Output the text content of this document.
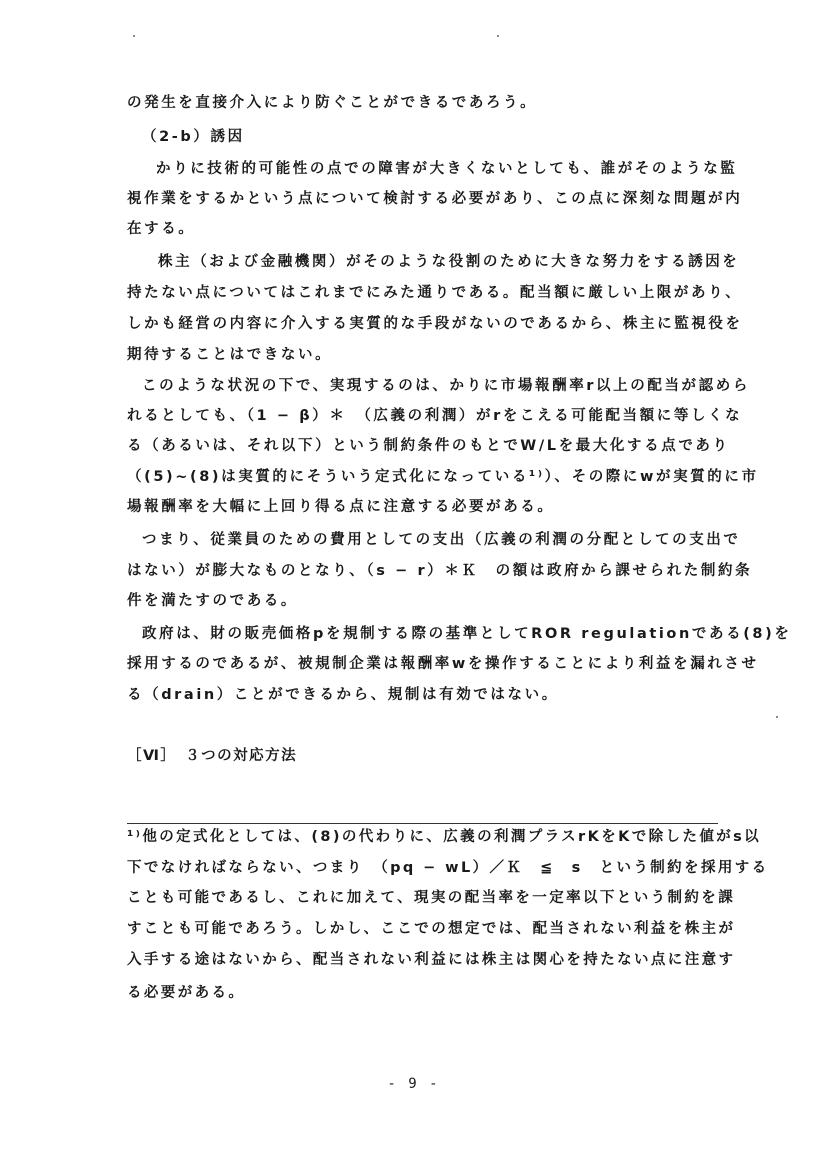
の発生を直接介入により防ぐことができるであろう。
（2-b）誘因
かりに技術的可能性の点での障害が大きくないとしても、誰がそのような監
視作業をするかという点について検討する必要があり、この点に深刻な問題が内
在する。
株主（および金融機関）がそのような役割のために大きな努力をする誘因を
持たない点についてはこれまでにみた通りである。配当額に厳しい上限があり、
しかも経営の内容に介入する実質的な手段がないのであるから、株主に監視役を
期待することはできない。
このような状況の下で、実現するのは、かりに市場報酬率r以上の配当が認めら
れるとしても、（1 − β）＊　（広義の利潤）がrをこえる可能配当額に等しくな
る（あるいは、それ以下）という制約条件のもとでW/Lを最大化する点であり
（(5)~(8)は実質的にそういう定式化になっている¹⁾）、その際にwが実質的に市
場報酬率を大幅に上回り得る点に注意する必要がある。
つまり、従業員のための費用としての支出（広義の利潤の分配としての支出で
はない）が膨大なものとなり、（s − r）＊Ｋ　の額は政府から課せられた制約条
件を満たすのである。
政府は、財の販売価格pを規制する際の基準としてROR regulationである(8)を
採用するのであるが、被規制企業は報酬率wを操作することにより利益を漏れさせ
る（drain）ことができるから、規制は有効ではない。
［Ⅵ］　３つの対応方法
¹⁾他の定式化としては、(8)の代わりに、広義の利潤プラスrKをKで除した値がs以
下でなければならない、つまり　（pq − wL）／Ｋ　≦　s　という制約を採用する
ことも可能であるし、これに加えて、現実の配当率を一定率以下という制約を課
すことも可能であろう。しかし、ここでの想定では、配当されない利益を株主が
入手する途はないから、配当されない利益には株主は関心を持たない点に注意す
る必要がある。
- 9 -
